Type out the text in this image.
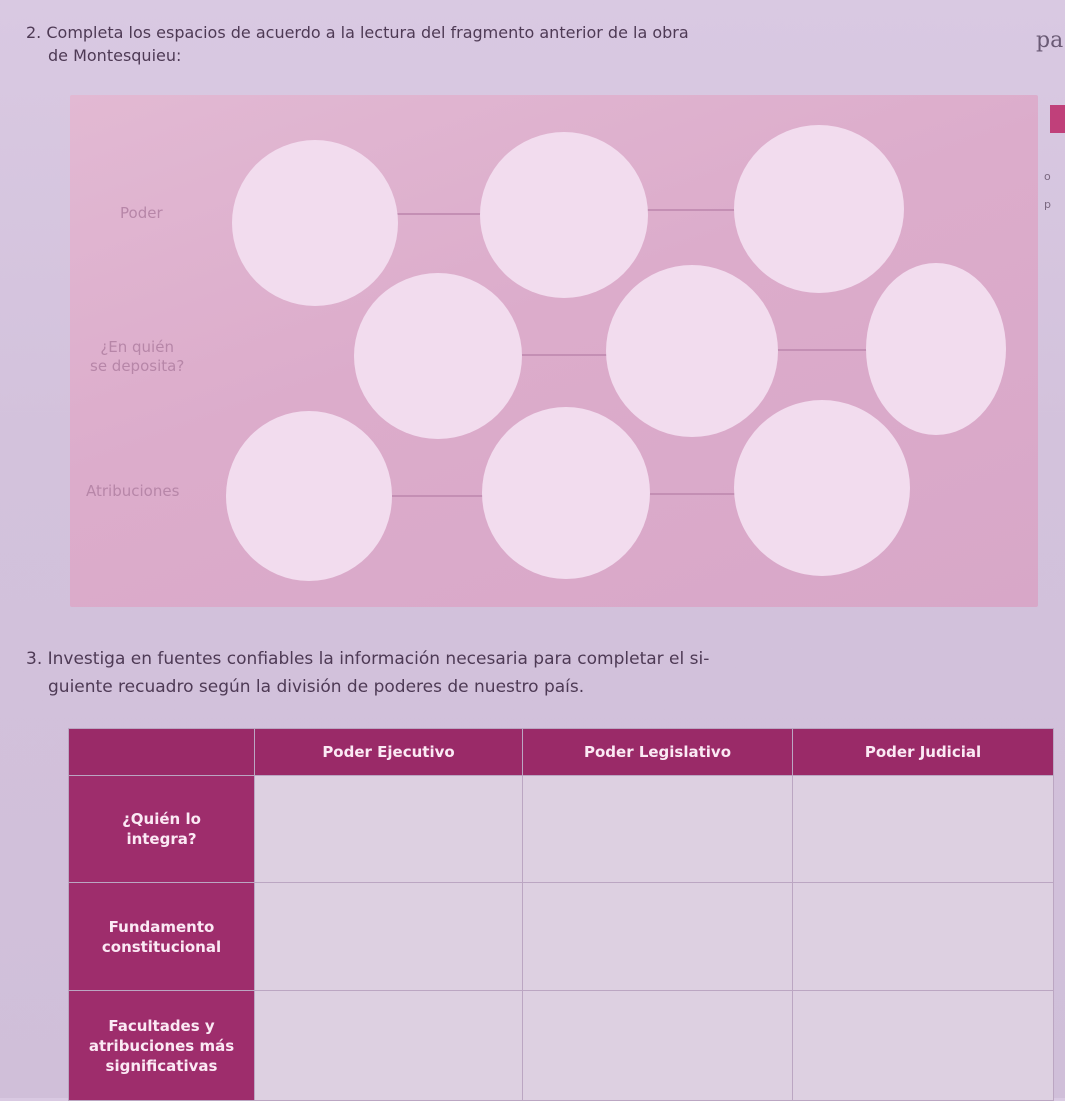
2. Completa los espacios de acuerdo a la lectura del fragmento anterior de la obra
de Montesquieu:
pa
o
p
Poder
¿En quién
se deposita?
Atribuciones
3. Investiga en fuentes confiables la información necesaria para completar el si-
guiente recuadro según la división de poderes de nuestro país.
	Poder Ejecutivo	Poder Legislativo	Poder Judicial
¿Quién lo
integra?			
Fundamento
constitucional			
Facultades y
atribuciones más
significativas			
